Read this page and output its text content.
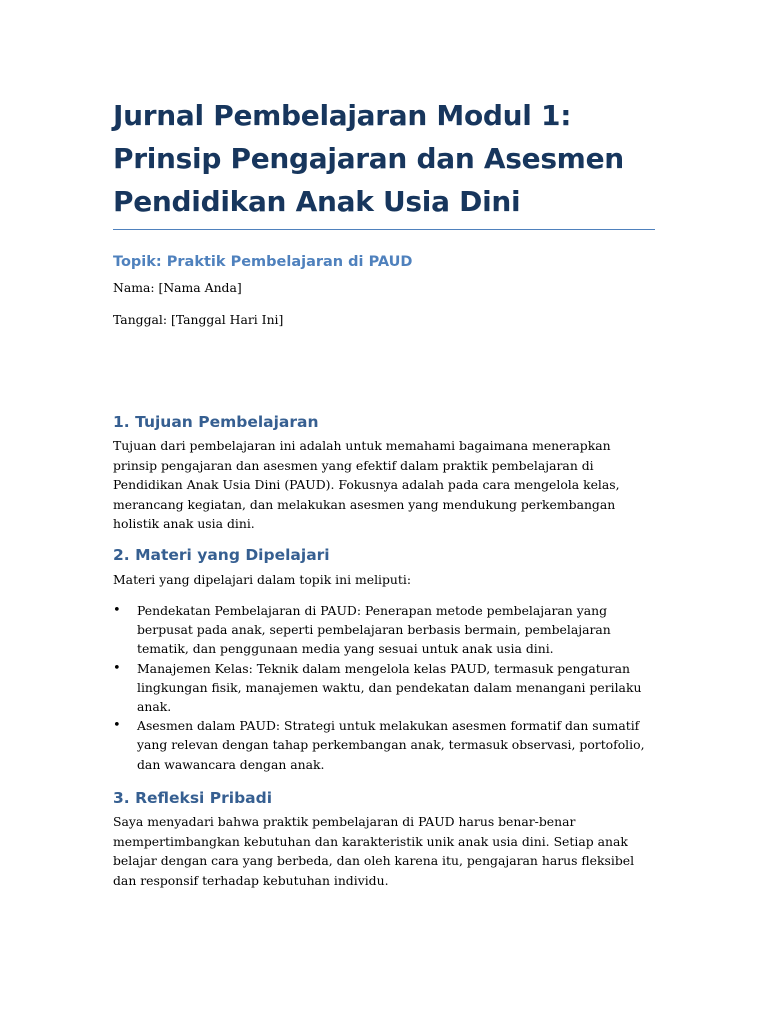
Jurnal Pembelajaran Modul 1: Prinsip Pengajaran dan Asesmen Pendidikan Anak Usia Dini
Topik: Praktik Pembelajaran di PAUD

Nama: [Nama Anda]

Tanggal: [Tanggal Hari Ini]

1. Tujuan Pembelajaran

Tujuan dari pembelajaran ini adalah untuk memahami bagaimana menerapkan prinsip pengajaran dan asesmen yang efektif dalam praktik pembelajaran di Pendidikan Anak Usia Dini (PAUD). Fokusnya adalah pada cara mengelola kelas, merancang kegiatan, dan melakukan asesmen yang mendukung perkembangan holistik anak usia dini.

2. Materi yang Dipelajari

Materi yang dipelajari dalam topik ini meliputi:

• Pendekatan Pembelajaran di PAUD: Penerapan metode pembelajaran yang berpusat pada anak, seperti pembelajaran berbasis bermain, pembelajaran tematik, dan penggunaan media yang sesuai untuk anak usia dini.
• Manajemen Kelas: Teknik dalam mengelola kelas PAUD, termasuk pengaturan lingkungan fisik, manajemen waktu, dan pendekatan dalam menangani perilaku anak.
• Asesmen dalam PAUD: Strategi untuk melakukan asesmen formatif dan sumatif yang relevan dengan tahap perkembangan anak, termasuk observasi, portofolio, dan wawancara dengan anak.
3. Refleksi Pribadi

Saya menyadari bahwa praktik pembelajaran di PAUD harus benar-benar mempertimbangkan kebutuhan dan karakteristik unik anak usia dini. Setiap anak belajar dengan cara yang berbeda, dan oleh karena itu, pengajaran harus fleksibel dan responsif terhadap kebutuhan individu.
